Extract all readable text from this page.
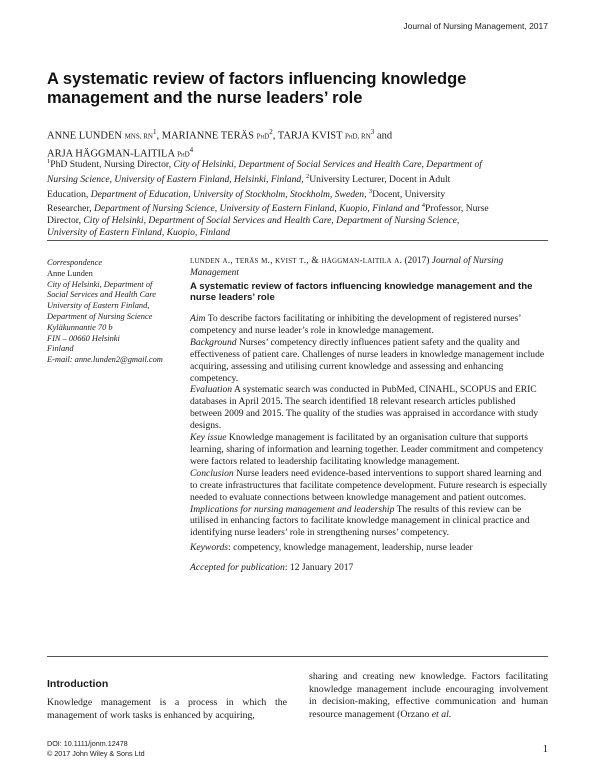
Journal of Nursing Management, 2017
A systematic review of factors influencing knowledge
management and the nurse leaders’ role
ANNE LUNDEN MNS, $RN^1$, MARIANNE TERÄS PhD$^2$, TARJA KVIST PhD, $RN^3$ and
ARJA HÄGGMAN-LAITILA PhD$^4$
$^1$PhD Student, Nursing Director, City of Helsinki, Department of Social Services and Health Care, Department of
Nursing Science, University of Eastern Finland, Helsinki, Finland, $^2$University Lecturer, Docent in Adult
Education, Department of Education, University of Stockholm, Stockholm, Sweden, $^3$Docent, University
Researcher, Department of Nursing Science, University of Eastern Finland, Kuopio, Finland and $^4$Professor, Nurse
Director, City of Helsinki, Department of Social Services and Health Care, Department of Nursing Science,
University of Eastern Finland, Kuopio, Finland
Correspondence
Anne Lunden
City of Helsinki, Department of
Social Services and Health Care
University of Eastern Finland,
Department of Nursing Science
Kyläkunnantie 70 b
FIN – 00660 Helsinki
Finland
E-mail: anne.lunden2@gmail.com
lunden a., teräs m., kvist t., & häggman-laitila a. (2017) Journal of Nursing
Management
A systematic review of factors influencing knowledge management and the nurse leaders’ role
Aim To describe factors facilitating or inhibiting the development of registered nurses’ competency and nurse leader’s role in knowledge management.
Background Nurses’ competency directly influences patient safety and the quality and effectiveness of patient care. Challenges of nurse leaders in knowledge management include acquiring, assessing and utilising current knowledge and assessing and enhancing competency.
Evaluation A systematic search was conducted in PubMed, CINAHL, SCOPUS and ERIC databases in April 2015. The search identified 18 relevant research articles published between 2009 and 2015. The quality of the studies was appraised in accordance with study designs.
Key issue Knowledge management is facilitated by an organisation culture that supports learning, sharing of information and learning together. Leader commitment and competency were factors related to leadership facilitating knowledge management.
Conclusion Nurse leaders need evidence-based interventions to support shared learning and to create infrastructures that facilitate competence development. Future research is especially needed to evaluate connections between knowledge management and patient outcomes.
Implications for nursing management and leadership The results of this review can be utilised in enhancing factors to facilitate knowledge management in clinical practice and identifying nurse leaders’ role in strengthening nurses’ competency.
Keywords: competency, knowledge management, leadership, nurse leader
Accepted for publication: 12 January 2017
Introduction
Knowledge management is a process in which the management of work tasks is enhanced by acquiring,
sharing and creating new knowledge. Factors facilitating knowledge management include encouraging involvement in decision-making, effective communication and human resource management (Orzano et al.
DOI: 10.1111/jonm.12478
© 2017 John Wiley & Sons Ltd	1
